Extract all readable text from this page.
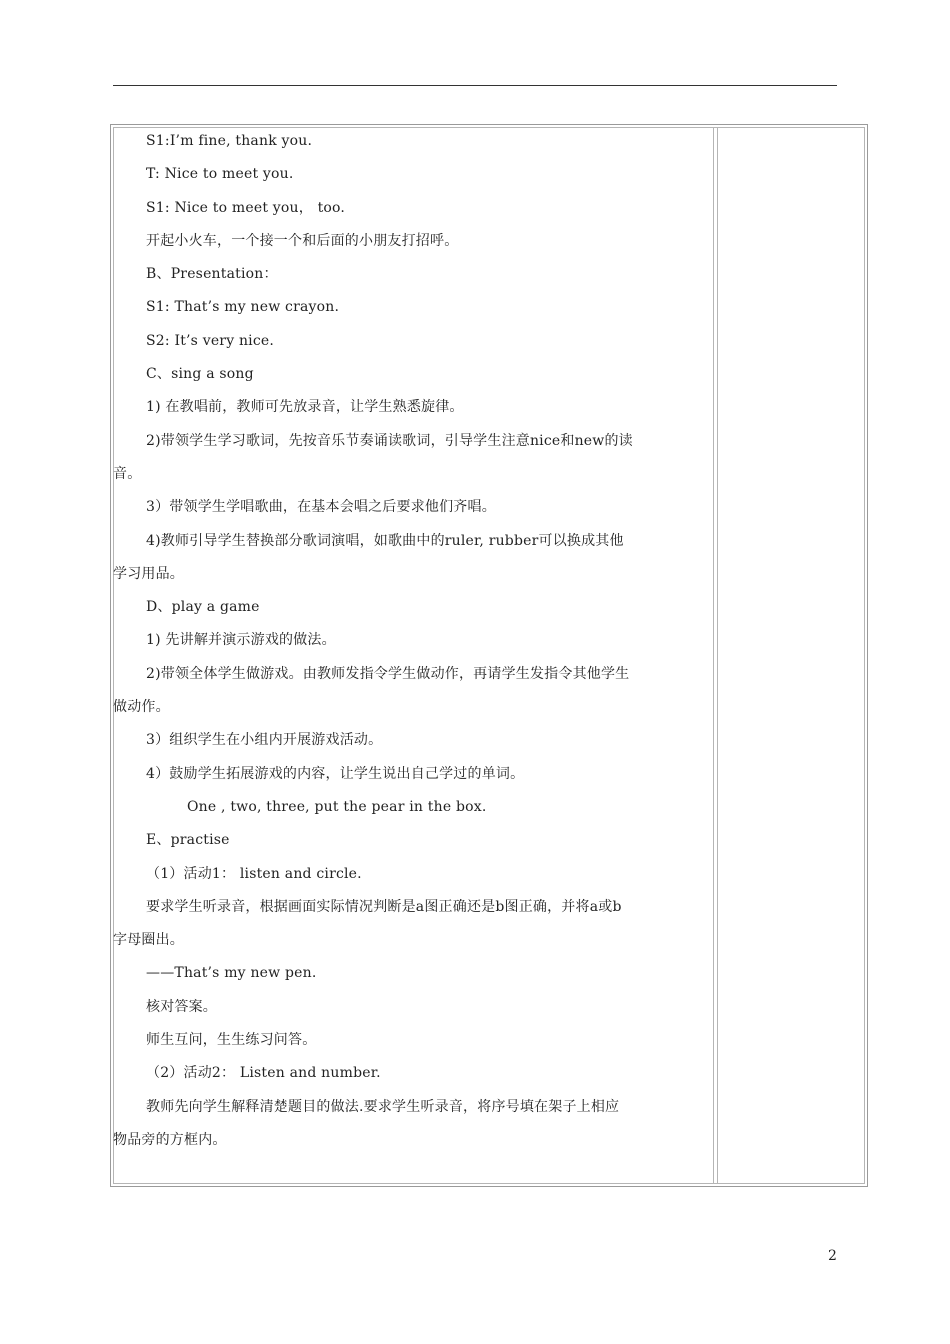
S1:I’m fine, thank you.
T: Nice to meet you.
S1: Nice to meet you， too.
开起小火车，一个接一个和后面的小朋友打招呼。
B、Presentation：
S1: That’s my new crayon.
S2: It’s very nice.
C、sing a song
1) 在教唱前，教师可先放录音，让学生熟悉旋律。
2)带领学生学习歌词，先按音乐节奏诵读歌词，引导学生注意nice和new的读
音。
3）带领学生学唱歌曲，在基本会唱之后要求他们齐唱。
4)教师引导学生替换部分歌词演唱，如歌曲中的ruler, rubber可以换成其他
学习用品。
D、play a game
1) 先讲解并演示游戏的做法。
2)带领全体学生做游戏。由教师发指令学生做动作，再请学生发指令其他学生
做动作。
3）组织学生在小组内开展游戏活动。
4）鼓励学生拓展游戏的内容，让学生说出自己学过的单词。
One , two, three, put the pear in the box.
E、practise
（1）活动1： listen and circle.
要求学生听录音，根据画面实际情况判断是a图正确还是b图正确，并将a或b
字母圈出。
——That’s my new pen.
核对答案。
师生互问，生生练习问答。
（2）活动2： Listen and number.
教师先向学生解释清楚题目的做法.要求学生听录音，将序号填在架子上相应
物品旁的方框内。
2
